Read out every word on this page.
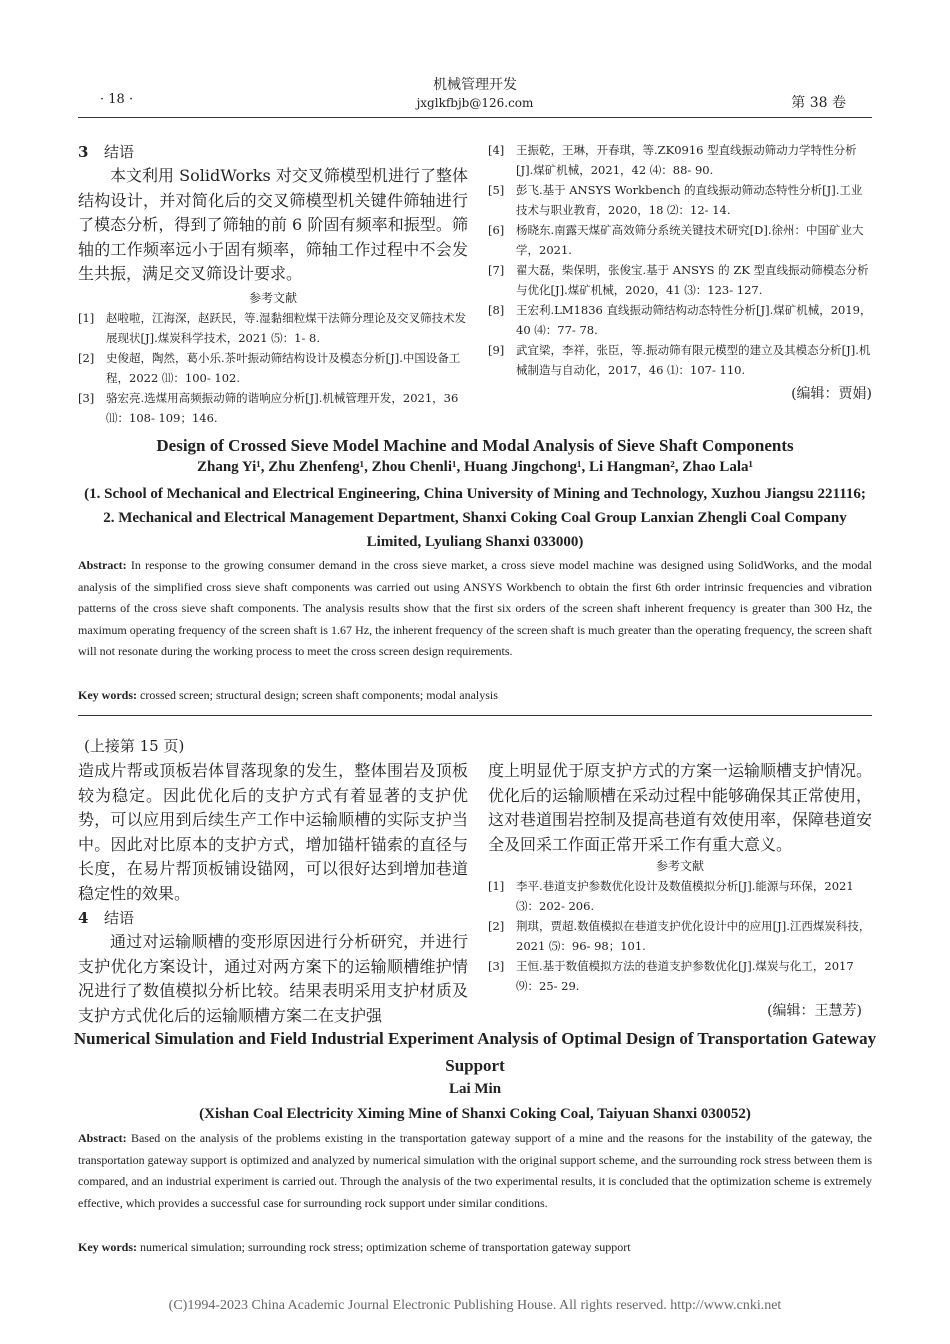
· 18 ·
机械管理开发
jxglkfbjb@126.com	第 38 卷
3 结语

本文利用 SolidWorks 对交叉筛模型机进行了整体结构设计，并对简化后的交叉筛模型机关键件筛轴进行了模态分析，得到了筛轴的前 6 阶固有频率和振型。筛轴的工作频率远小于固有频率，筛轴工作过程中不会发生共振，满足交叉筛设计要求。

参考文献
[1]	赵啦啦，江海深，赵跃民，等.湿黏细粒煤干法筛分理论及交叉筛技术发展现状[J].煤炭科学技术，2021 ⑸：1- 8.
[2]	史俊超，陶然，葛小乐.茶叶振动筛结构设计及模态分析[J].中国设备工程，2022 ⑾：100- 102.
[3]	骆宏亮.选煤用高频振动筛的谐响应分析[J].机械管理开发，2021，36 ⑾：108- 109；146.
[4]	王振乾，王琳，开春琪，等.ZK0916 型直线振动筛动力学特性分析[J].煤矿机械，2021，42 ⑷：88- 90.
[5]	彭飞.基于 ANSYS Workbench 的直线振动筛动态特性分析[J].工业技术与职业教育，2020，18 ⑵：12- 14.
[6]	杨晓东.南露天煤矿高效筛分系统关键技术研究[D].徐州：中国矿业大学，2021.
[7]	翟大磊，柴保明，张俊宝.基于 ANSYS 的 ZK 型直线振动筛模态分析与优化[J].煤矿机械，2020，41 ⑶：123- 127.
[8]	王宏利.LM1836 直线振动筛结构动态特性分析[J].煤矿机械，2019，40 ⑷：77- 78.
[9]	武宜梁，李祥，张臣，等.振动筛有限元模型的建立及其模态分析[J].机械制造与自动化，2017，46 ⑴：107- 110.
(编辑：贾娟)
Design of Crossed Sieve Model Machine and Modal Analysis of Sieve Shaft Components
Zhang Yi¹, Zhu Zhenfeng¹, Zhou Chenli¹, Huang Jingchong¹, Li Hangman², Zhao Lala¹
(1. School of Mechanical and Electrical Engineering, China University of Mining and Technology, Xuzhou Jiangsu 221116; 2. Mechanical and Electrical Management Department, Shanxi Coking Coal Group Lanxian Zhengli Coal Company Limited, Lyuliang Shanxi 033000)
Abstract: In response to the growing consumer demand in the cross sieve market, a cross sieve model machine was designed using SolidWorks, and the modal analysis of the simplified cross sieve shaft components was carried out using ANSYS Workbench to obtain the first 6th order intrinsic frequencies and vibration patterns of the cross sieve shaft components. The analysis results show that the first six orders of the screen shaft inherent frequency is greater than 300 Hz, the maximum operating frequency of the screen shaft is 1.67 Hz, the inherent frequency of the screen shaft is much greater than the operating frequency, the screen shaft will not resonate during the working process to meet the cross screen design requirements.
Key words: crossed screen; structural design; screen shaft components; modal analysis
(上接第 15 页)

造成片帮或顶板岩体冒落现象的发生，整体围岩及顶板较为稳定。因此优化后的支护方式有着显著的支护优势，可以应用到后续生产工作中运输顺槽的实际支护当中。因此对比原本的支护方式，增加锚杆锚索的直径与长度，在易片帮顶板铺设锚网，可以很好达到增加巷道稳定性的效果。

4 结语

通过对运输顺槽的变形原因进行分析研究，并进行支护优化方案设计，通过对两方案下的运输顺槽维护情况进行了数值模拟分析比较。结果表明采用支护材质及支护方式优化后的运输顺槽方案二在支护强

度上明显优于原支护方式的方案一运输顺槽支护情况。优化后的运输顺槽在采动过程中能够确保其正常使用，这对巷道围岩控制及提高巷道有效使用率，保障巷道安全及回采工作面正常开采工作有重大意义。

参考文献
[1]	李平.巷道支护参数优化设计及数值模拟分析[J].能源与环保，2021 ⑶：202- 206.
[2]	荆琪，贾超.数值模拟在巷道支护优化设计中的应用[J].江西煤炭科技，2021 ⑸：96- 98；101.
[3]	王恒.基于数值模拟方法的巷道支护参数优化[J].煤炭与化工，2017 ⑼：25- 29.
(编辑：王慧芳)
Numerical Simulation and Field Industrial Experiment Analysis of Optimal Design of Transportation Gateway Support
Lai Min
(Xishan Coal Electricity Ximing Mine of Shanxi Coking Coal, Taiyuan Shanxi 030052)
Abstract: Based on the analysis of the problems existing in the transportation gateway support of a mine and the reasons for the instability of the gateway, the transportation gateway support is optimized and analyzed by numerical simulation with the original support scheme, and the surrounding rock stress between them is compared, and an industrial experiment is carried out. Through the analysis of the two experimental results, it is concluded that the optimization scheme is extremely effective, which provides a successful case for surrounding rock support under similar conditions.
Key words: numerical simulation; surrounding rock stress; optimization scheme of transportation gateway support
(C)1994-2023 China Academic Journal Electronic Publishing House. All rights reserved. http://www.cnki.net
